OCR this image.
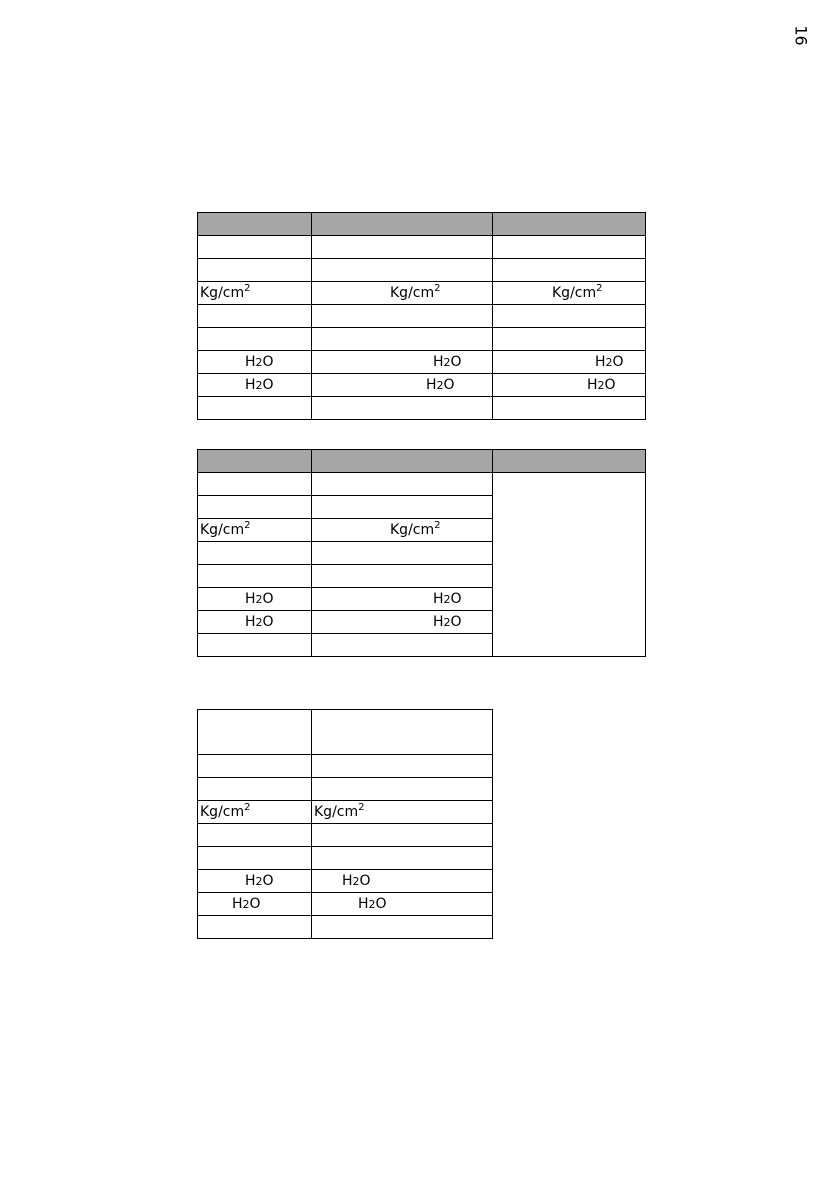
16

$Kg/cm^2$	$Kg/cm^2$	$Kg/cm^2$

H2O	H2O	H2O
H2O	H2O	H2O

$Kg/cm^2$	$Kg/cm^2$

H2O	H2O	
H2O	H2O	

$Kg/cm^2$	$Kg/cm^2$

H2O	H2O
H2O	H2O
